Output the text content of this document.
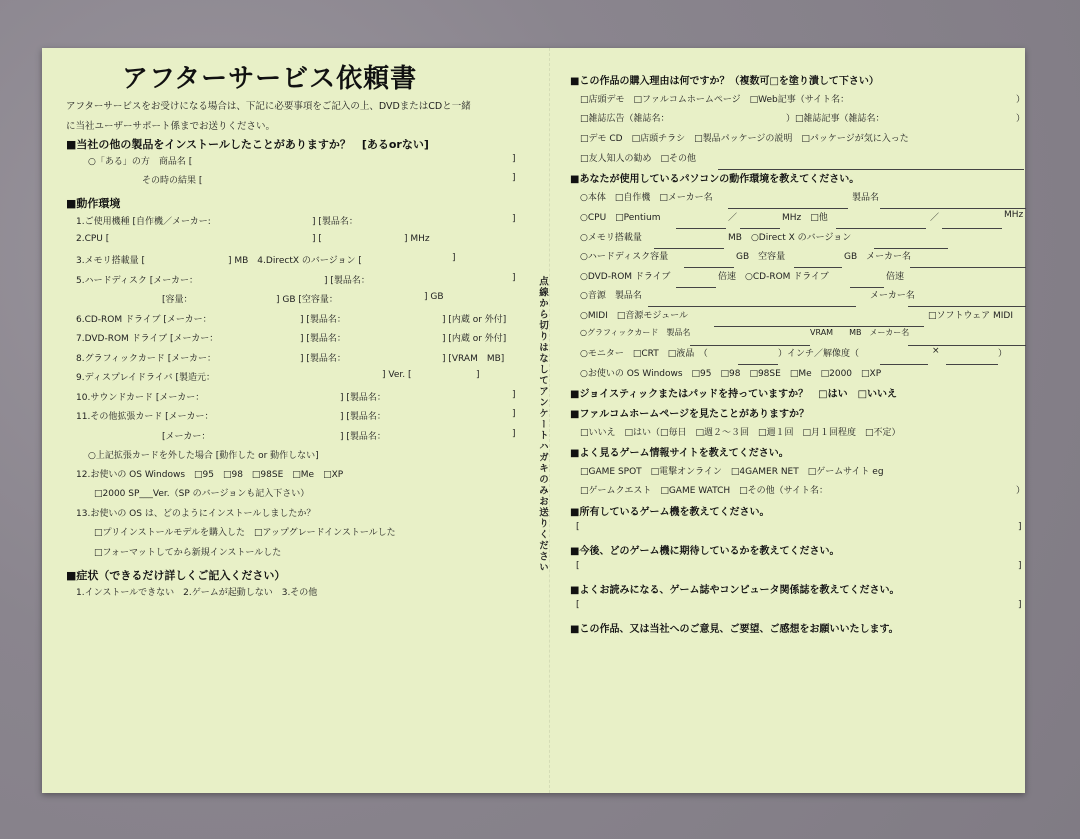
アフターサービス依頼書
アフターサービスをお受けになる場合は、下記に必要事項をご記入の上、DVDまたはCDと一緒
に当社ユーザーサポート係までお送りください。
■当社の他の製品をインストールしたことがありますか？　[あるorない]
○「ある」の方　商品名 [	]
その時の結果 [	]
■動作環境
1.ご使用機種 [自作機／メーカー:	] [製品名：	]
2.CPU [	] [	] MHz
3.メモリ搭載量 [	] MB　4.DirectX のバージョン [	]
5.ハードディスク [メーカー：	] [製品名：	]
[容量：	] GB [空容量：	] GB
6.CD-ROM ドライブ [メーカー：	] [製品名：	] [内蔵 or 外付]
7.DVD-ROM ドライブ [メーカー：	] [製品名：	] [内蔵 or 外付]
8.グラフィックカード [メーカー：	] [製品名：	] [VRAM　MB]
9.ディスプレイドライバ [製造元：	] Ver. [	]
10.サウンドカード [メーカー：	] [製品名：	]
11.その他拡張カード [メーカー：	] [製品名：	]
[メーカー：	] [製品名：	]
○上記拡張カードを外した場合 [動作した or 動作しない]
12.お使いの OS Windows　□95　□98　□98SE　□Me　□XP
□2000 SP___Ver.（SP のバージョンも記入下さい）
13.お使いの OS は、どのようにインストールしましたか？
□プリインストールモデルを購入した　□アップグレードインストールした
□フォーマットしてから新規インストールした
■症状（できるだけ詳しくご記入ください）
1.インストールできない　2.ゲームが起動しない　3.その他
点線から切りはなしてアンケートハガキのみお送りください
■この作品の購入理由は何ですか？（複数可□を塗り潰して下さい）
□店頭デモ　□ファルコムホームページ　□Web記事（サイト名：	）
□雑誌広告（雑誌名：	）□雑誌記事（雑誌名：	）
□デモ CD　□店頭チラシ　□製品パッケージの説明　□パッケージが気に入った
□友人知人の勧め　□その他
■あなたが使用しているパソコンの動作環境を教えてください。
○本体　□自作機　□メーカー名	製品名
○CPU　□Pentium	／	MHz　□他	／	MHz
○メモリ搭載量	MB　○Direct X のバージョン
○ハードディスク容量	GB　空容量	GB　メーカー名
○DVD-ROM ドライブ	倍速　○CD-ROM ドライブ	倍速
○音源　製品名	メーカー名
○MIDI　□音源モジュール	□ソフトウェア MIDI
○グラフィックカード　製品名	VRAM　　MB　メーカー名
○モニター　□CRT　□液晶　（	）インチ／解像度（	×	）
○お使いの OS Windows　□95　□98　□98SE　□Me　□2000　□XP
■ジョイスティックまたはパッドを持っていますか？　□はい　□いいえ
■ファルコムホームページを見たことがありますか？
□いいえ　□はい（□毎日　□週２～３回　□週１回　□月１回程度　□不定）
■よく見るゲーム情報サイトを教えてください。
□GAME SPOT　□電撃オンライン　□4GAMER NET　□ゲームサイト eg
□ゲームクエスト　□GAME WATCH　□その他（サイト名：	）
■所有しているゲーム機を教えてください。
[	]
■今後、どのゲーム機に期待しているかを教えてください。
[	]
■よくお読みになる、ゲーム誌やコンピュータ関係誌を教えてください。
[	]
■この作品、又は当社へのご意見、ご要望、ご感想をお願いいたします。
